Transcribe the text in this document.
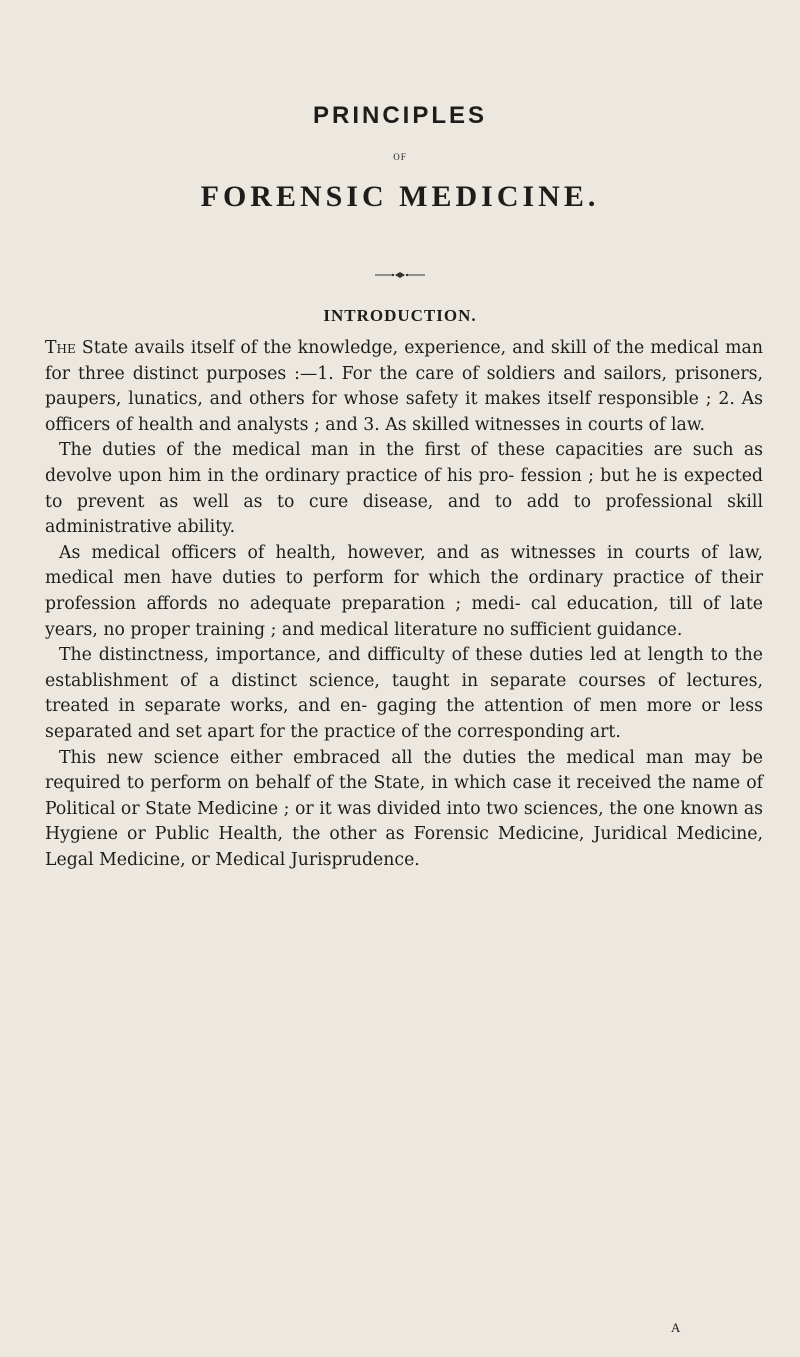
PRINCIPLES
OF
FORENSIC MEDICINE.
INTRODUCTION.

The State avails itself of the knowledge, experience, and skill of the medical man for three distinct purposes :—1. For the care of soldiers and sailors, prisoners, paupers, lunatics, and others for whose safety it makes itself responsible ; 2. As officers of health and analysts ; and 3. As skilled witnesses in courts of law.

The duties of the medical man in the first of these capacities are such as devolve upon him in the ordinary practice of his pro- fession ; but he is expected to prevent as well as to cure disease, and to add to professional skill administrative ability.

As medical officers of health, however, and as witnesses in courts of law, medical men have duties to perform for which the ordinary practice of their profession affords no adequate preparation ; medi- cal education, till of late years, no proper training ; and medical literature no sufficient guidance.

The distinctness, importance, and difficulty of these duties led at length to the establishment of a distinct science, taught in separate courses of lectures, treated in separate works, and en- gaging the attention of men more or less separated and set apart for the practice of the corresponding art.

This new science either embraced all the duties the medical man may be required to perform on behalf of the State, in which case it received the name of Political or State Medicine ; or it was divided into two sciences, the one known as Hygiene or Public Health, the other as Forensic Medicine, Juridical Medicine, Legal Medicine, or Medical Jurisprudence.

A
